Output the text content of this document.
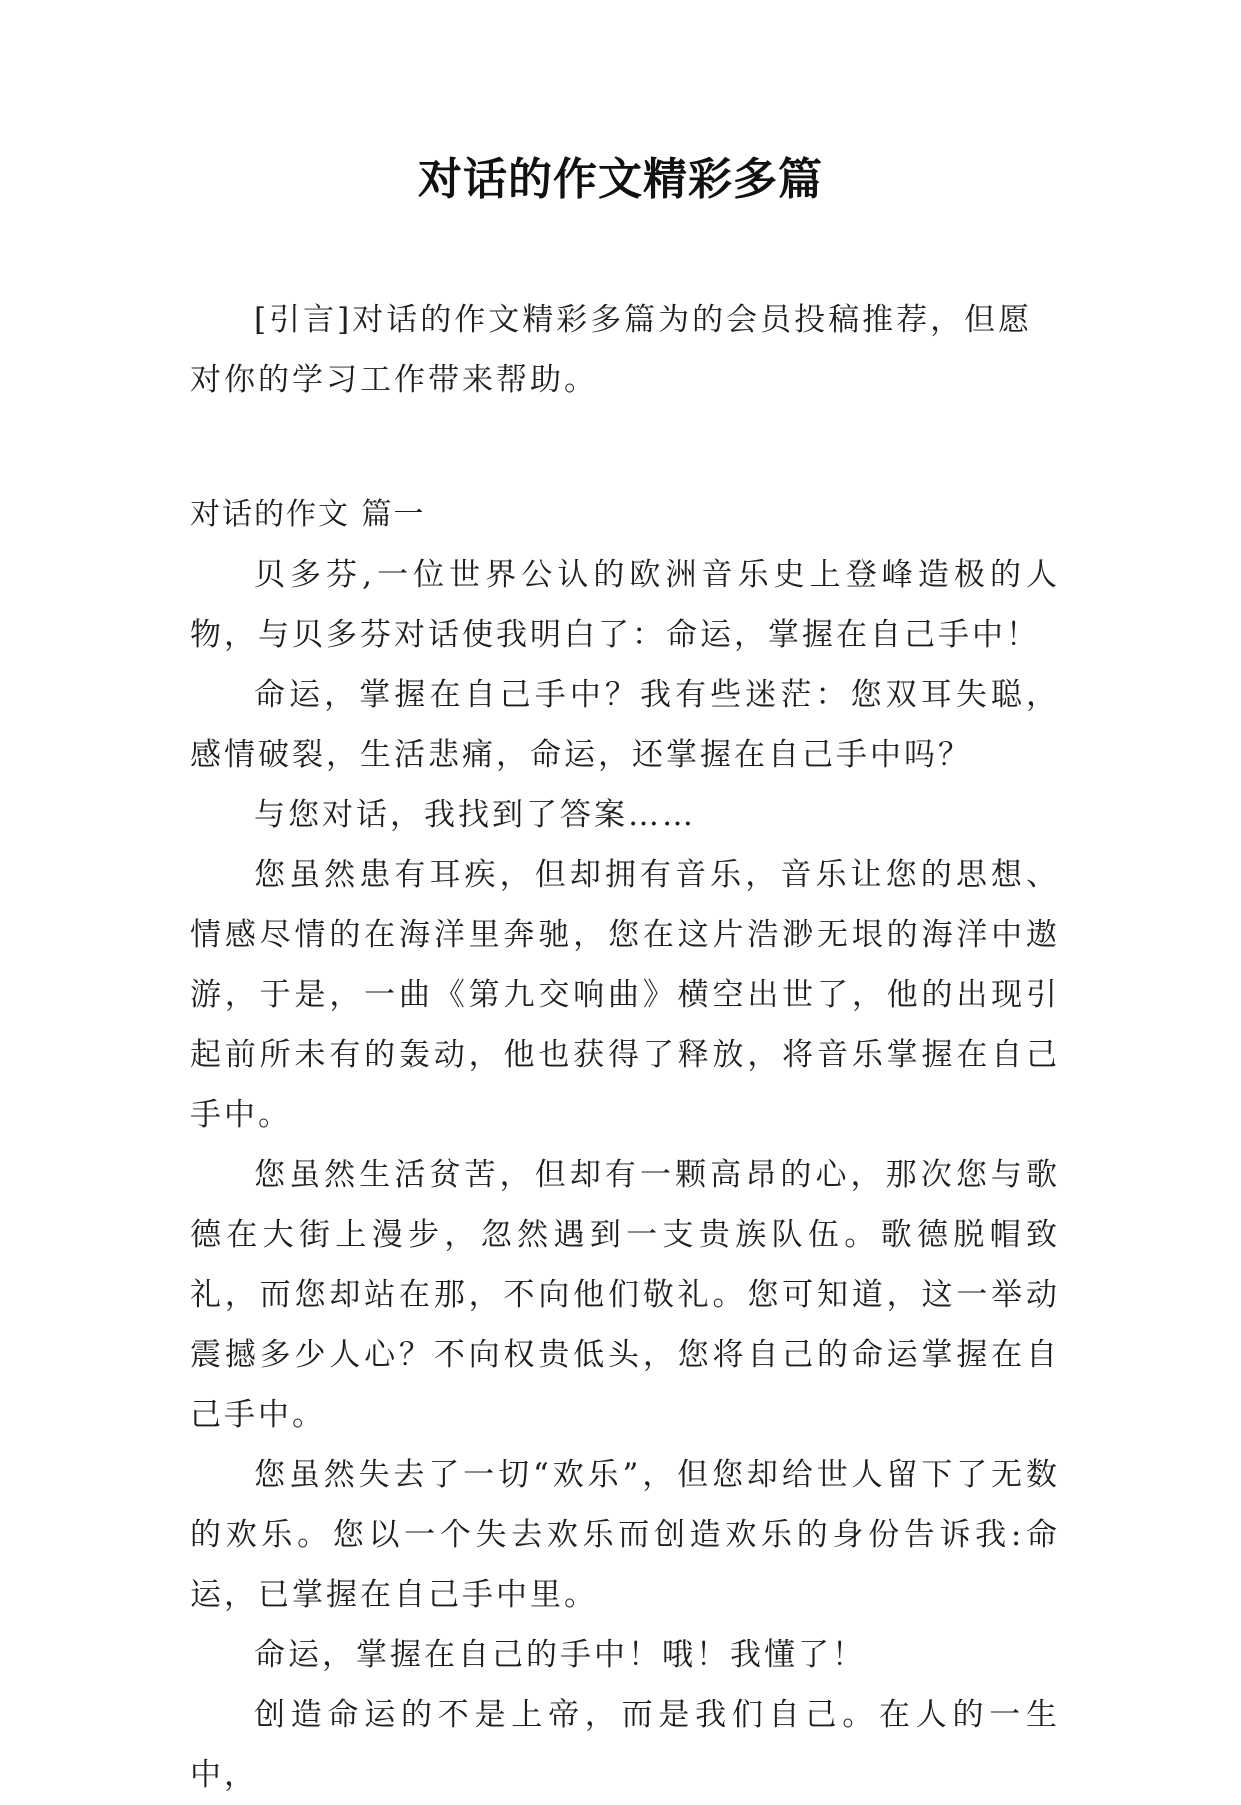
对话的作文精彩多篇

[引言]对话的作文精彩多篇为的会员投稿推荐，但愿对你的学习工作带来帮助。

对话的作文 篇一

贝多芬,一位世界公认的欧洲音乐史上登峰造极的人物，与贝多芬对话使我明白了：命运，掌握在自己手中！

命运，掌握在自己手中？我有些迷茫：您双耳失聪，感情破裂，生活悲痛，命运，还掌握在自己手中吗？

与您对话，我找到了答案……

您虽然患有耳疾，但却拥有音乐，音乐让您的思想、情感尽情的在海洋里奔驰，您在这片浩渺无垠的海洋中遨游，于是，一曲《第九交响曲》横空出世了，他的出现引起前所未有的轰动，他也获得了释放，将音乐掌握在自己手中。

您虽然生活贫苦，但却有一颗高昂的心，那次您与歌德在大街上漫步，忽然遇到一支贵族队伍。歌德脱帽致礼，而您却站在那，不向他们敬礼。您可知道，这一举动震撼多少人心？不向权贵低头，您将自己的命运掌握在自己手中。

您虽然失去了一切“欢乐”，但您却给世人留下了无数的欢乐。您以一个失去欢乐而创造欢乐的身份告诉我:命运，已掌握在自己手中里。

命运，掌握在自己的手中！哦！我懂了！

创造命运的不是上帝，而是我们自己。在人的一生中，
